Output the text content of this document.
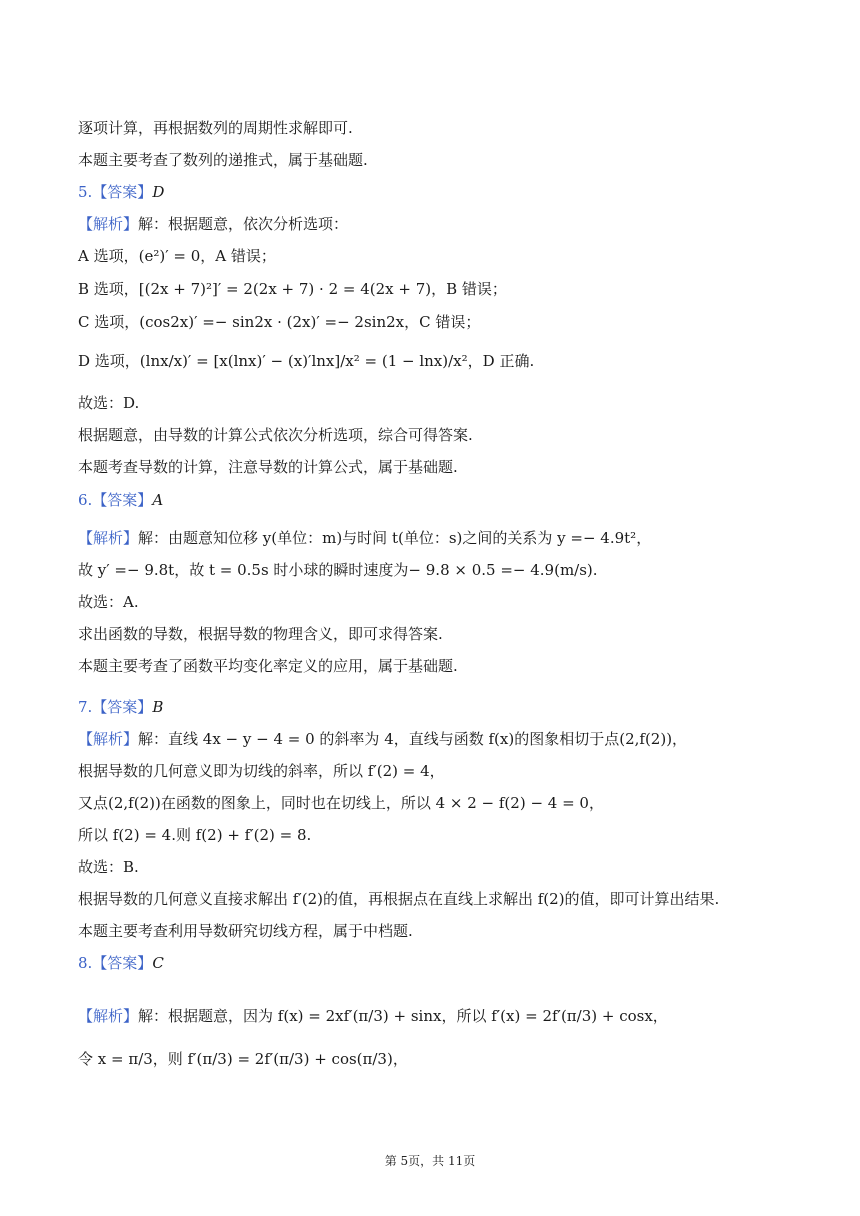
逐项计算，再根据数列的周期性求解即可.
本题主要考查了数列的递推式，属于基础题.
5.【答案】D
【解析】解：根据题意，依次分析选项：
A 选项，(e²)′ = 0，A 错误；
B 选项，[(2x + 7)²]′ = 2(2x + 7) · 2 = 4(2x + 7)，B 错误；
C 选项，(cos2x)′ =− sin2x · (2x)′ =− 2sin2x，C 错误；
D 选项，(lnx/x)′ = [x(lnx)′ − (x)′lnx]/x² = (1 − lnx)/x²，D 正确.
故选：D.
根据题意，由导数的计算公式依次分析选项，综合可得答案.
本题考查导数的计算，注意导数的计算公式，属于基础题.
6.【答案】A
【解析】解：由题意知位移 y(单位：m)与时间 t(单位：s)之间的关系为 y =− 4.9t²，
故 y′ =− 9.8t，故 t = 0.5s 时小球的瞬时速度为− 9.8 × 0.5 =− 4.9(m/s).
故选：A.
求出函数的导数，根据导数的物理含义，即可求得答案.
本题主要考查了函数平均变化率定义的应用，属于基础题.
7.【答案】B
【解析】解：直线 4x − y − 4 = 0 的斜率为 4，直线与函数 f(x)的图象相切于点(2,f(2))，
根据导数的几何意义即为切线的斜率，所以 f′(2) = 4，
又点(2,f(2))在函数的图象上，同时也在切线上，所以 4 × 2 − f(2) − 4 = 0，
所以 f(2) = 4.则 f(2) + f′(2) = 8.
故选：B.
根据导数的几何意义直接求解出 f′(2)的值，再根据点在直线上求解出 f(2)的值，即可计算出结果.
本题主要考查利用导数研究切线方程，属于中档题.
8.【答案】C
【解析】解：根据题意，因为 f(x) = 2xf′(π/3) + sinx，所以 f′(x) = 2f′(π/3) + cosx，
令 x = π/3，则 f′(π/3) = 2f′(π/3) + cos(π/3)，
第 5页，共 11页
